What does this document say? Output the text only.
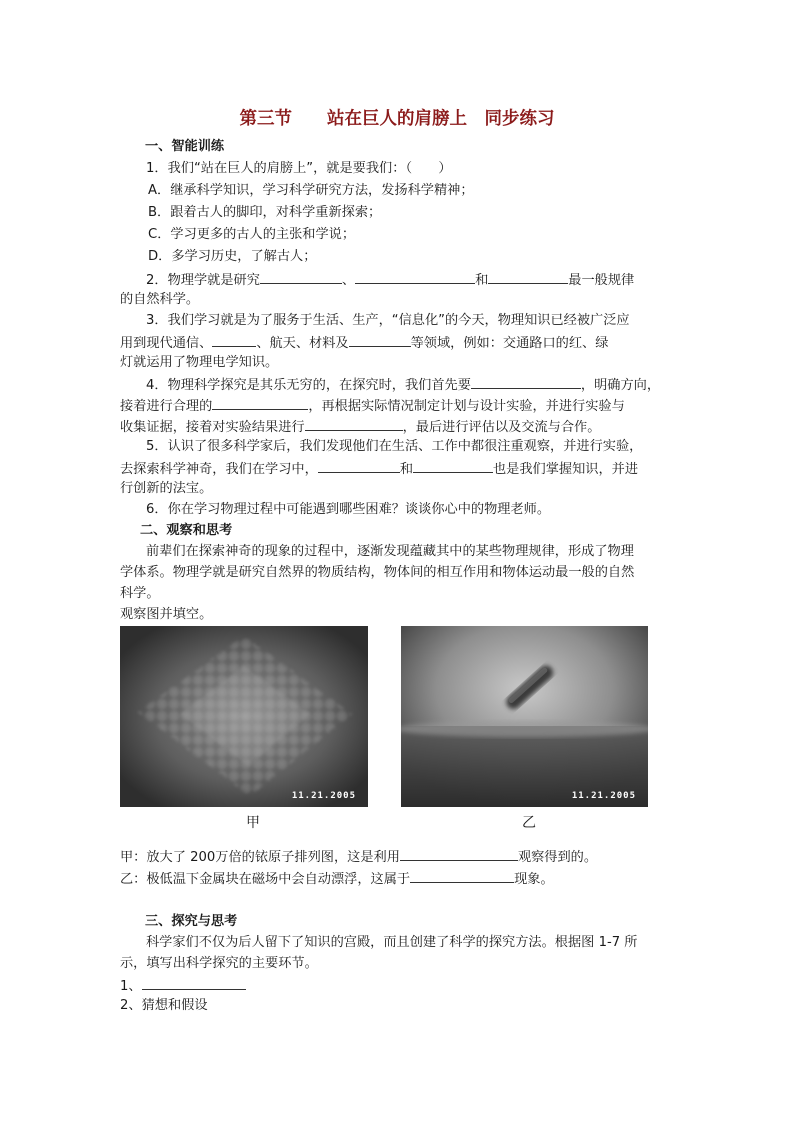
第三节　　站在巨人的肩膀上　同步练习
一、智能训练
1．我们“站在巨人的肩膀上”，就是要我们：（　　）
A．继承科学知识，学习科学研究方法，发扬科学精神；
B．跟着古人的脚印，对科学重新探索；
C．学习更多的古人的主张和学说；
D．多学习历史，了解古人；
2．物理学就是研究	、	和	最一般规律
的自然科学。
3．我们学习就是为了服务于生活、生产，“信息化”的今天，物理知识已经被广泛应
用到现代通信、	、航天、材料及	等领域，例如：交通路口的红、绿
灯就运用了物理电学知识。
4．物理科学探究是其乐无穷的，在探究时，我们首先要	，明确方向，
接着进行合理的	，再根据实际情况制定计划与设计实验，并进行实验与
收集证据，接着对实验结果进行	，最后进行评估以及交流与合作。
5．认识了很多科学家后，我们发现他们在生活、工作中都很注重观察，并进行实验，
去探索科学神奇，我们在学习中，	和	也是我们掌握知识，并进
行创新的法宝。
6．你在学习物理过程中可能遇到哪些困难？谈谈你心中的物理老师。
二、观察和思考
前辈们在探索神奇的现象的过程中，逐渐发现蕴藏其中的某些物理规律，形成了物理
学体系。物理学就是研究自然界的物质结构，物体间的相互作用和物体运动最一般的自然
科学。
观察图并填空。
11.21.2005	11.21.2005
甲	乙
甲：放大了 200万倍的铱原子排列图，这是利用	观察得到的。
乙：极低温下金属块在磁场中会自动漂浮，这属于	现象。
三、探究与思考
科学家们不仅为后人留下了知识的宫殿，而且创建了科学的探究方法。根据图 1-7 所
示，填写出科学探究的主要环节。
1、
2、猜想和假设
